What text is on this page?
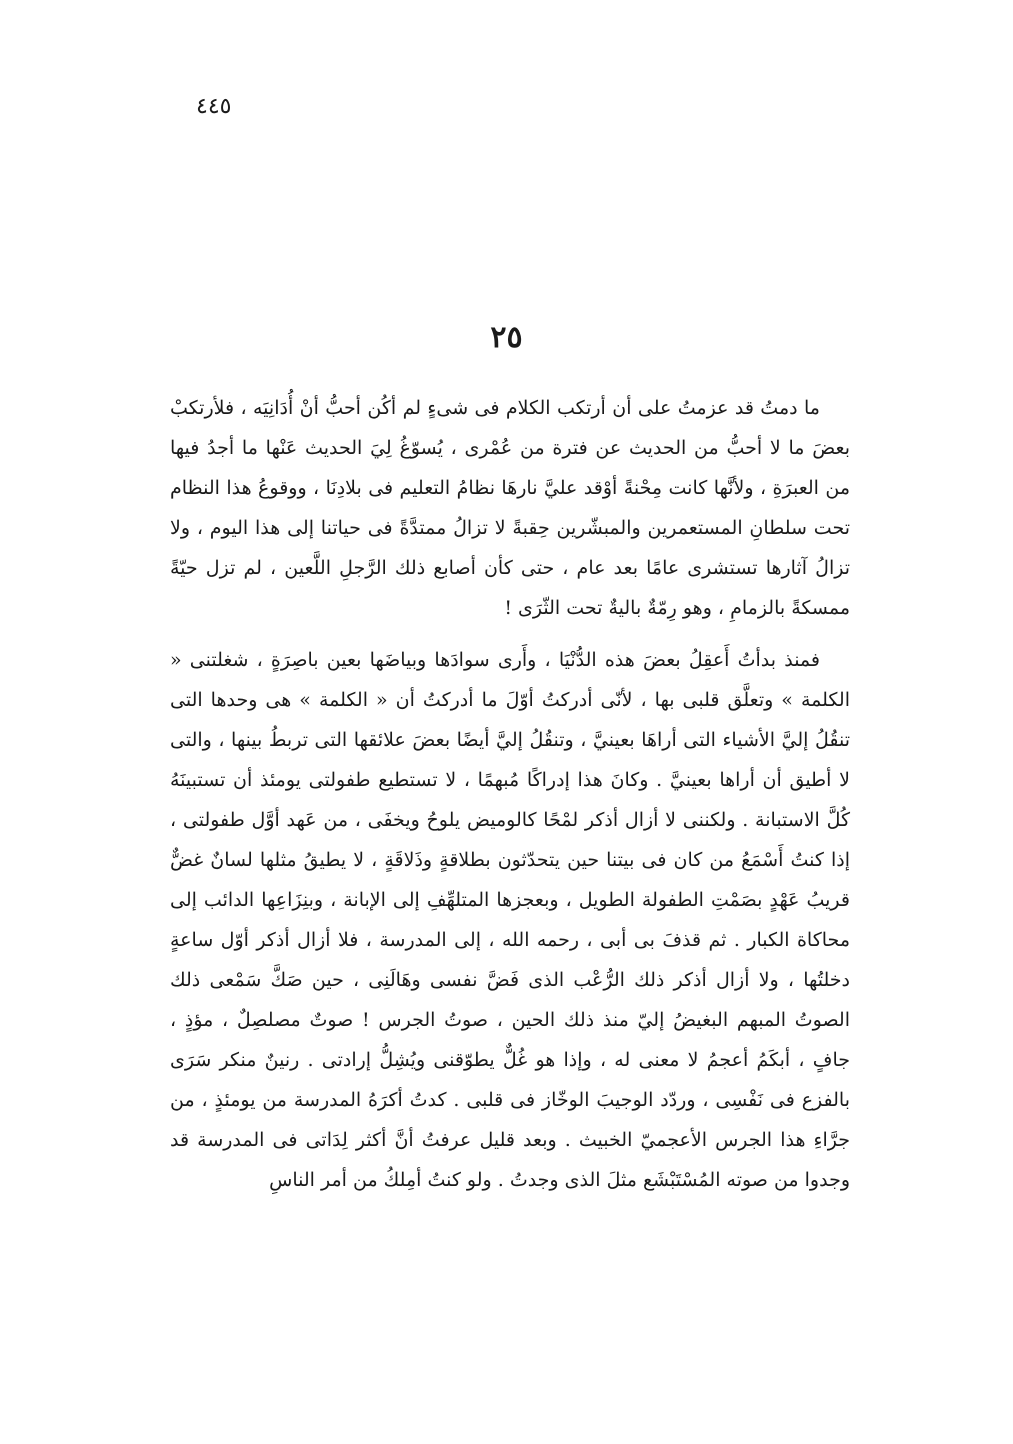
٤٤٥
٢٥

ما دمتُ قد عزمتُ على أن أرتكب الكلام فى شىءٍ لم أكُن أحبُّ أنْ أُدَانِيَه ، فلأرتكبْ بعضَ ما لا أحبُّ من الحديث عن فترة من عُمْرى ، يُسوّغُ لِيَ الحديث عَنْها ما أجدُ فيها من العبرَةِ ، ولأنَّها كانت مِحْنةً أوْقد عليَّ نارهَا نظامُ التعليم فى بلادِنَا ، ووقوعُ هذا النظام تحت سلطانِ المستعمرين والمبشّرين حِقبةً لا تزالُ ممتدَّةً فى حياتنا إلى هذا اليوم ، ولا تزالُ آثارها تستشرى عامًا بعد عام ، حتى كأن أصابع ذلك الرَّجلِ اللَّعين ، لم تزل حيّةً ممسكةً بالزمامِ ، وهو رِمّةٌ باليةٌ تحت الثّرَى !

فمنذ بدأتُ أَعقِلُ بعضَ هذه الدُّنْيَا ، وأَرى سوادَها وبياضَها بعين باصِرَةٍ ، شغلتنى « الكلمة » وتعلَّق قلبى بها ، لأنّى أدركتُ أوّلَ ما أدركتُ أن « الكلمة » هى وحدها التى تنقُلُ إليَّ الأشياء التى أراهَا بعينيَّ ، وتنقُلُ إليَّ أيضًا بعضَ علائقها التى تربطُ بينها ، والتى لا أطيق أن أراها بعينيَّ . وكانَ هذا إدراكًا مُبهمًا ، لا تستطيع طفولتى يومئذ أن تستبينَهُ كُلَّ الاستبانة . ولكننى لا أزال أذكر لمْحًا كالوميض يلوحُ ويخفَى ، من عَهد أوَّل طفولتى ، إذا كنتُ أَسْمَعُ من كان فى بيتنا حين يتحدّثون بطلاقةٍ وذَلاقَةٍ ، لا يطيقُ مثلها لسانٌ غضٌّ قريبُ عَهْدٍ بصَمْتِ الطفولة الطويل ، وبعجزها المتلهِّفِ إلى الإبانة ، وبنِزَاعِها الدائب إلى محاكاة الكبار . ثم قذفَ بى أبى ، رحمه الله ، إلى المدرسة ، فلا أزال أذكر أوّل ساعةٍ دخلتُها ، ولا أزال أذكر ذلك الرُّعْب الذى فَضَّ نفسى وهَالَنِى ، حين صَكَّ سَمْعى ذلك الصوتُ المبهم البغيضُ إليّ منذ ذلك الحين ، صوتُ الجرس ! صوتٌ مصلصِلٌ ، مؤذٍ ، جافٍ ، أبكَمُ أعجمُ لا معنى له ، وإذا هو غُلٌّ يطوّقنى ويُشِلُّ إرادتى . رنينٌ منكر سَرَى بالفزع فى نَفْسِى ، وردّد الوجيبَ الوخّاز فى قلبى . كدتُ أكرَهُ المدرسة من يومئذٍ ، من جرَّاءِ هذا الجرس الأعجميّ الخبيث . وبعد قليل عرفتُ أنَّ أكثر لِدَاتى فى المدرسة قد وجدوا من صوته المُسْتَبْشَع مثلَ الذى وجدتُ . ولو كنتُ أمِلكُ من أمر الناسِ
